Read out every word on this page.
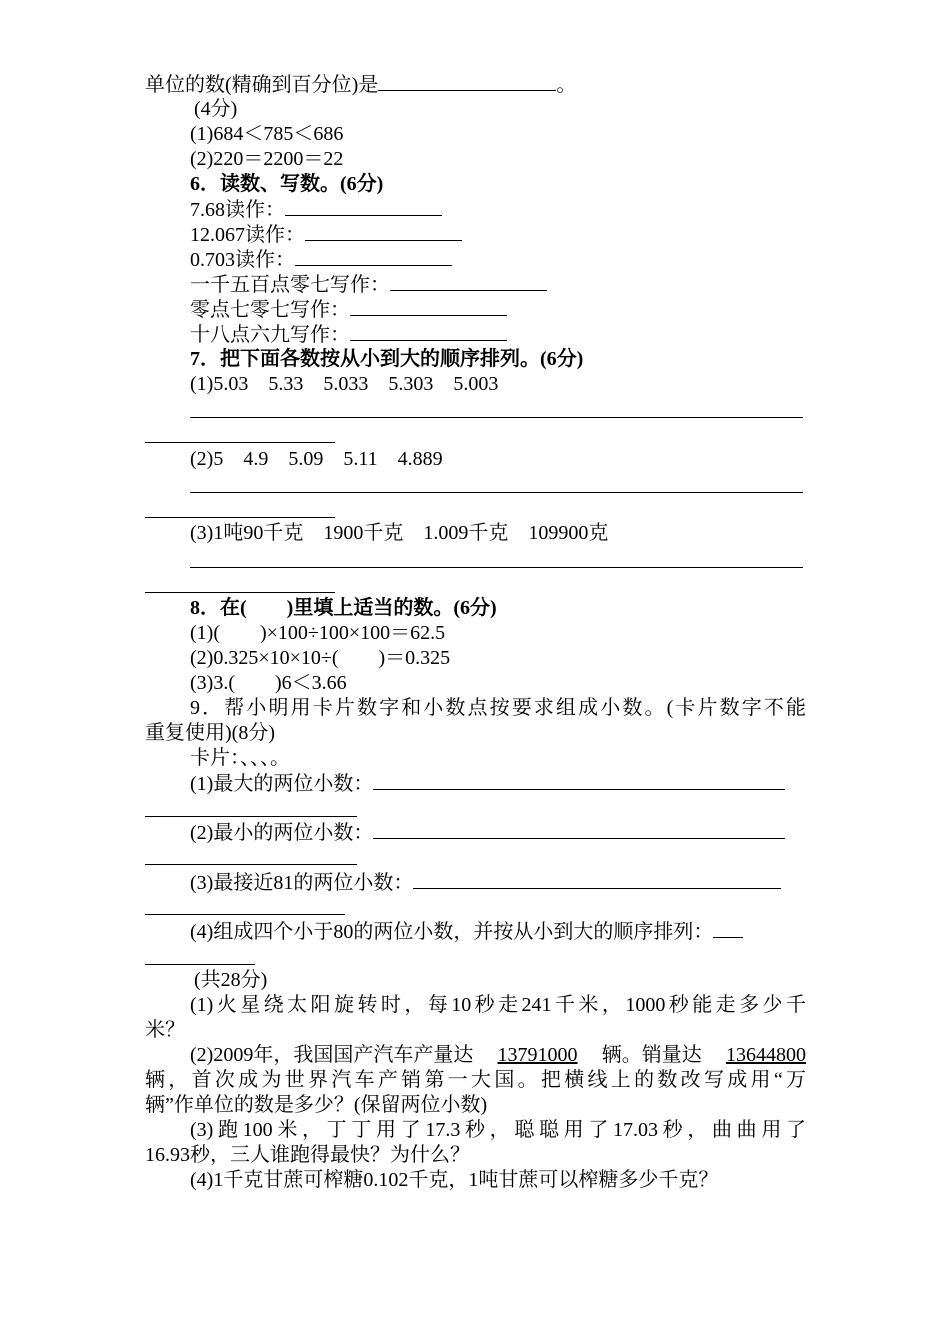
单位的数(精确到百分位)是	。
(4分)
(1)684＜785＜686
(2)220＝2200＝22
6．读数、写数。(6分)
7.68读作：
12.067读作：
0.703读作：
一千五百点零七写作：
零点七零七写作：
十八点六九写作：
7．把下面各数按从小到大的顺序排列。(6分)
(1)5.03    5.33    5.033    5.303    5.003
(2)5    4.9    5.09    5.11    4.889
(3)1吨90千克    1900千克    1.009千克    109900克
8．在(        )里填上适当的数。(6分)
(1)(        )×100÷100×100＝62.5
(2)0.325×10×10÷(        )＝0.325
(3)3.(        )6＜3.66
9．帮小明用卡片数字和小数点按要求组成小数。(卡片数字不能
重复使用)(8分)
卡片：、、、。
(1)最大的两位小数：
(2)最小的两位小数：
(3)最接近81的两位小数：
(4)组成四个小于80的两位小数，并按从小到大的顺序排列：
(共28分)
(1)火星绕太阳旋转时，每10秒走241千米，1000秒能走多少千
米？
(2)2009年，我国国产汽车产量达 13791000 辆。销量达 13644800
辆，首次成为世界汽车产销第一大国。把横线上的数改写成用“万
辆”作单位的数是多少？(保留两位小数)
(3)跑100米，丁丁用了17.3秒，聪聪用了17.03秒，曲曲用了
16.93秒，三人谁跑得最快？为什么？
(4)1千克甘蔗可榨糖0.102千克，1吨甘蔗可以榨糖多少千克？
